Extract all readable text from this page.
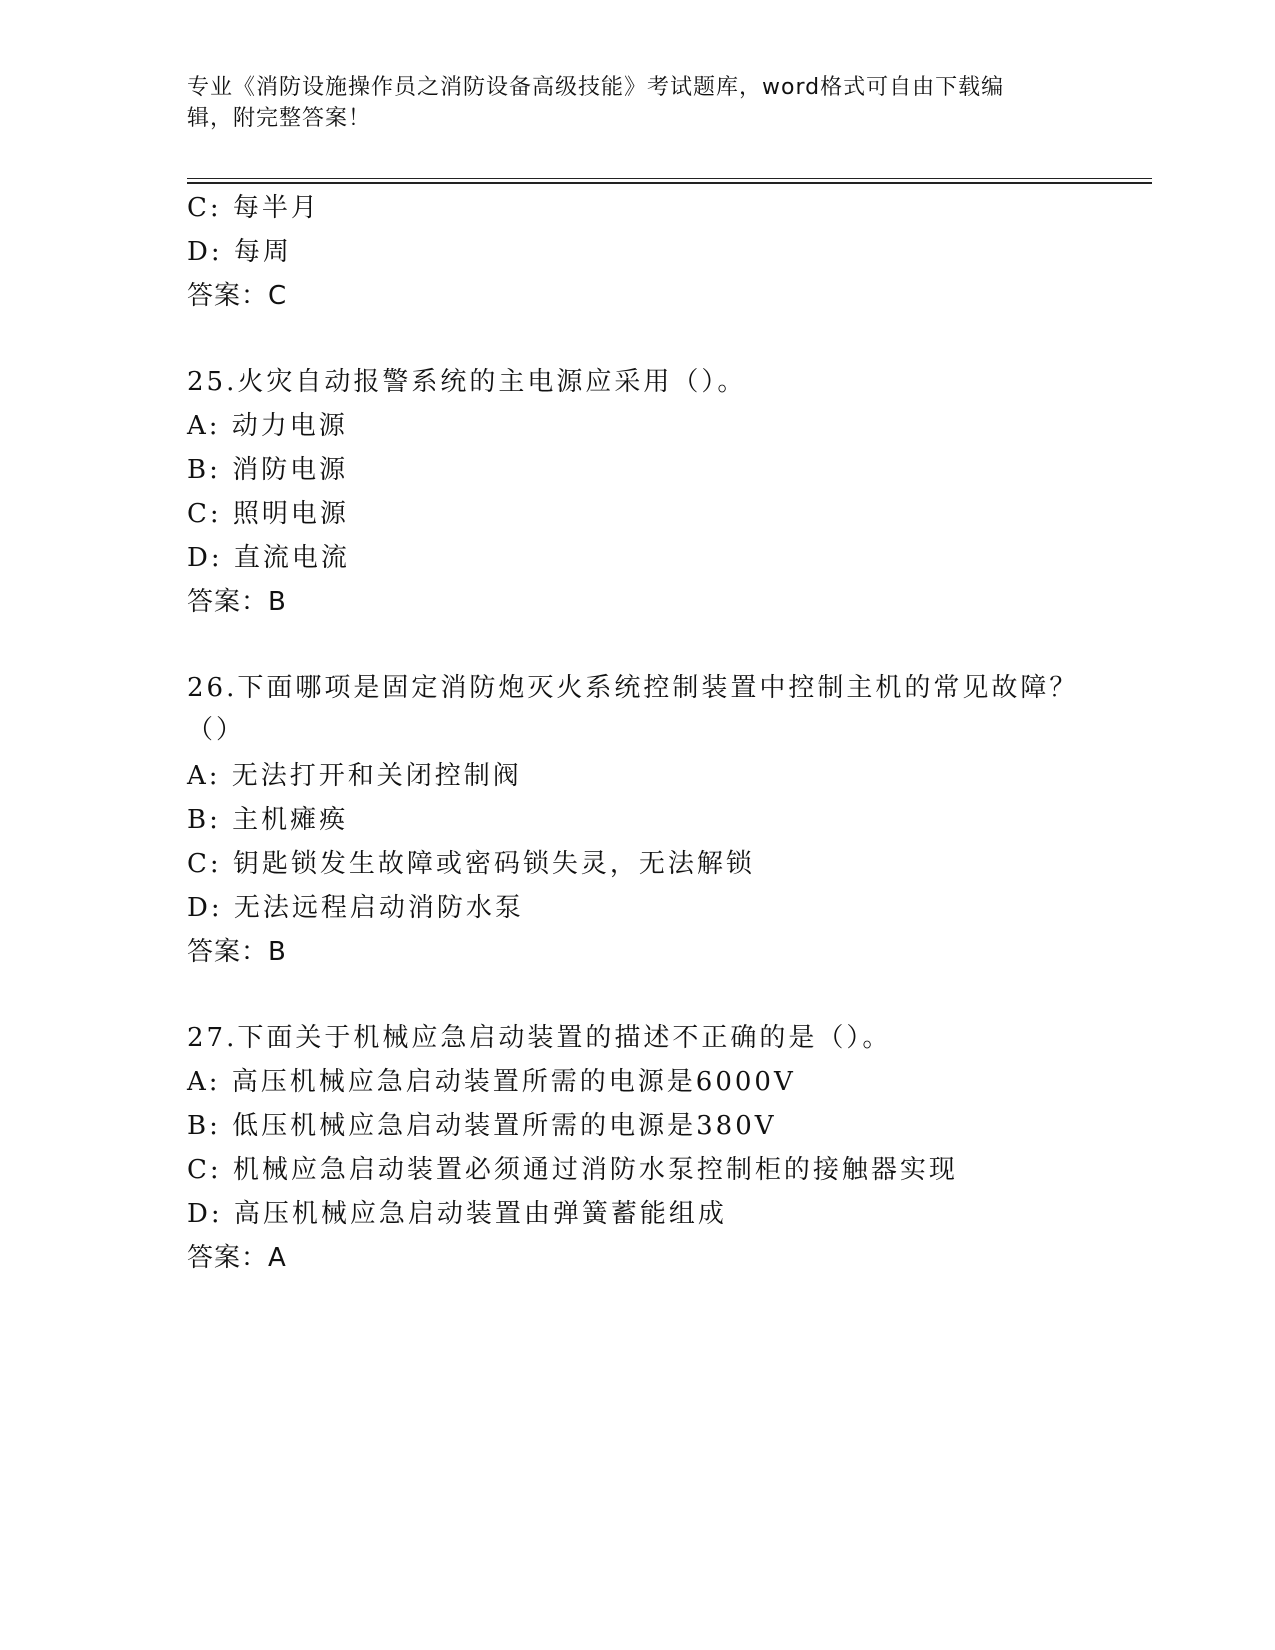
专业《消防设施操作员之消防设备高级技能》考试题库，word格式可自由下载编
辑，附完整答案！
C: 每半月
D: 每周
答案：C
25.火灾自动报警系统的主电源应采用（）。
A: 动力电源
B: 消防电源
C: 照明电源
D: 直流电流
答案：B
26.下面哪项是固定消防炮灭火系统控制装置中控制主机的常见故障？
（）
A: 无法打开和关闭控制阀
B: 主机瘫痪
C: 钥匙锁发生故障或密码锁失灵，无法解锁
D: 无法远程启动消防水泵
答案：B
27.下面关于机械应急启动装置的描述不正确的是（）。
A: 高压机械应急启动装置所需的电源是6000V
B: 低压机械应急启动装置所需的电源是380V
C: 机械应急启动装置必须通过消防水泵控制柜的接触器实现
D: 高压机械应急启动装置由弹簧蓄能组成
答案：A
